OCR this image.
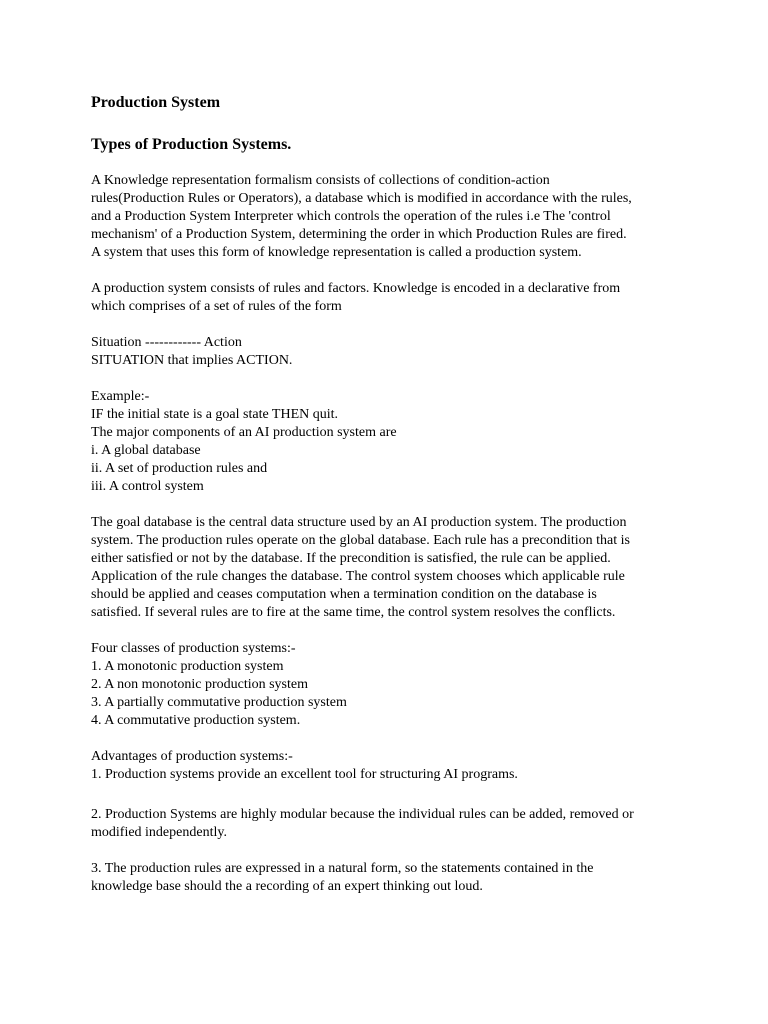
Production System
Types of Production Systems.

A Knowledge representation formalism consists of collections of condition-action
rules(Production Rules or Operators), a database which is modified in accordance with the rules,
and a Production System Interpreter which controls the operation of the rules i.e The 'control
mechanism' of a Production System, determining the order in which Production Rules are fired.
A system that uses this form of knowledge representation is called a production system.

A production system consists of rules and factors. Knowledge is encoded in a declarative from
which comprises of a set of rules of the form

Situation ------------ Action
SITUATION that implies ACTION.

Example:-
IF the initial state is a goal state THEN quit.
The major components of an AI production system are
i. A global database
ii. A set of production rules and
iii. A control system

The goal database is the central data structure used by an AI production system. The production
system. The production rules operate on the global database. Each rule has a precondition that is
either satisfied or not by the database. If the precondition is satisfied, the rule can be applied.
Application of the rule changes the database. The control system chooses which applicable rule
should be applied and ceases computation when a termination condition on the database is
satisfied. If several rules are to fire at the same time, the control system resolves the conflicts.

Four classes of production systems:-
1. A monotonic production system
2. A non monotonic production system
3. A partially commutative production system
4. A commutative production system.

Advantages of production systems:-
1. Production systems provide an excellent tool for structuring AI programs.

2. Production Systems are highly modular because the individual rules can be added, removed or
modified independently.

3. The production rules are expressed in a natural form, so the statements contained in the
knowledge base should the a recording of an expert thinking out loud.
